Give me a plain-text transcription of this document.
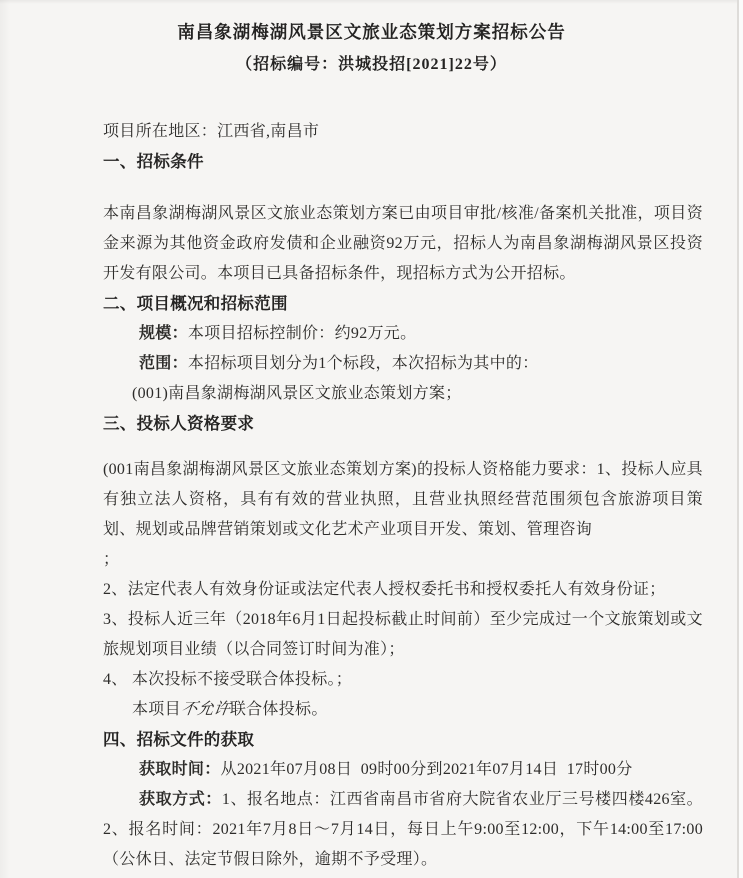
南昌象湖梅湖风景区文旅业态策划方案招标公告
（招标编号：洪城投招[2021]22号）

项目所在地区：江西省,南昌市

一、招标条件

本南昌象湖梅湖风景区文旅业态策划方案已由项目审批/核准/备案机关批准，项目资金来源为其他资金政府发债和企业融资92万元，招标人为南昌象湖梅湖风景区投资开发有限公司。本项目已具备招标条件，现招标方式为公开招标。

二、项目概况和招标范围

规模：本项目招标控制价：约92万元。

范围：本招标项目划分为1个标段，本次招标为其中的：

(001)南昌象湖梅湖风景区文旅业态策划方案；

三、投标人资格要求

(001南昌象湖梅湖风景区文旅业态策划方案)的投标人资格能力要求：1、投标人应具有独立法人资格，具有有效的营业执照，且营业执照经营范围须包含旅游项目策划、规划或品牌营销策划或文化艺术产业项目开发、策划、管理咨询

；

2、法定代表人有效身份证或法定代表人授权委托书和授权委托人有效身份证；

3、投标人近三年（2018年6月1日起投标截止时间前）至少完成过一个文旅策划或文旅规划项目业绩（以合同签订时间为准）；

4、 本次投标不接受联合体投标。；

本项目不允许联合体投标。

四、招标文件的获取

获取时间：从2021年07月08日  09时00分到2021年07月14日  17时00分

获取方式：1、报名地点：江西省南昌市省府大院省农业厅三号楼四楼426室。2、报名时间：2021年7月8日～7月14日，每日上午9:00至12:00，下午14:00至17:00（公休日、法定节假日除外，逾期不予受理）。
